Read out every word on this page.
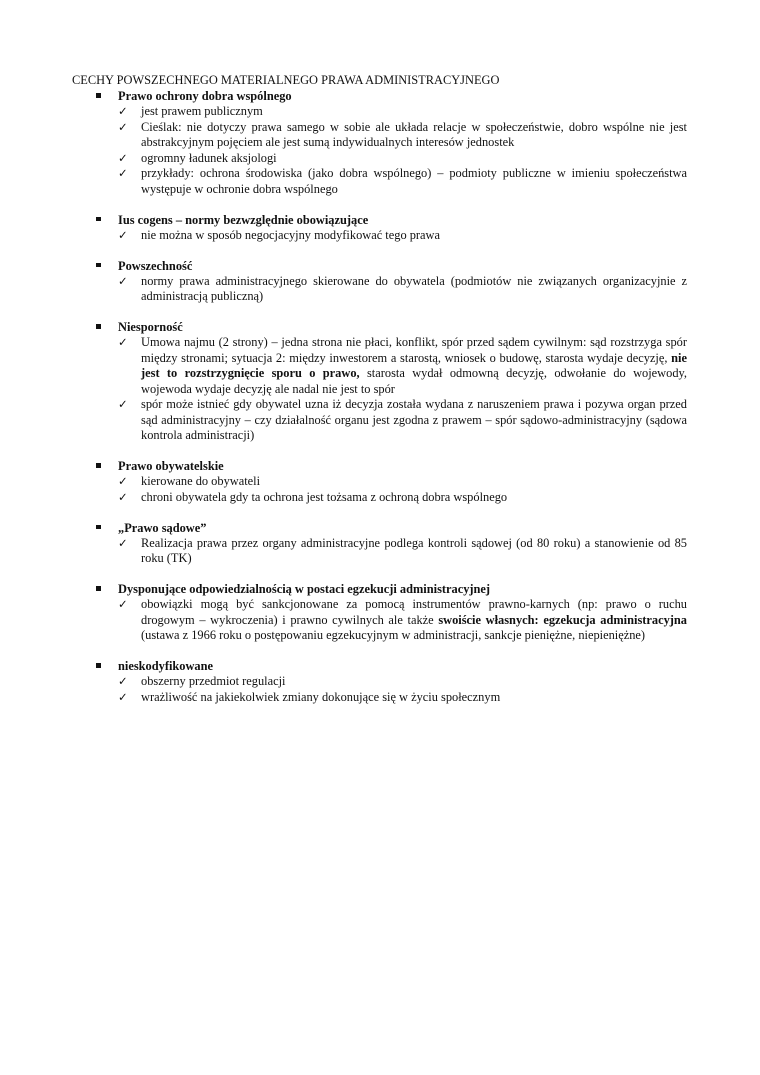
CECHY POWSZECHNEGO MATERIALNEGO PRAWA ADMINISTRACYJNEGO
Prawo ochrony dobra wspólnego
✓ jest prawem publicznym
✓ Cieślak: nie dotyczy prawa samego w sobie ale układa relacje w społeczeństwie, dobro wspólne nie jest abstrakcyjnym pojęciem ale jest sumą indywidualnych interesów jednostek
✓ ogromny ładunek aksjologi
✓ przykłady: ochrona środowiska (jako dobra wspólnego) – podmioty publiczne w imieniu społeczeństwa występuje w ochronie dobra wspólnego
Ius cogens – normy bezwzględnie obowiązujące
✓ nie można w sposób negocjacyjny modyfikować tego prawa
Powszechność
✓ normy prawa administracyjnego skierowane do obywatela (podmiotów nie związanych organizacyjnie z administracją publiczną)
Niesporność
✓ Umowa najmu (2 strony) – jedna strona nie płaci, konflikt, spór przed sądem cywilnym: sąd rozstrzyga spór między stronami; sytuacja 2: między inwestorem a starostą, wniosek o budowę, starosta wydaje decyzję, nie jest to rozstrzygnięcie sporu o prawo, starosta wydał odmowną decyzję, odwołanie do wojewody, wojewoda wydaje decyzję ale nadal nie jest to spór
✓ spór może istnieć gdy obywatel uzna iż decyzja została wydana z naruszeniem prawa i pozywa organ przed sąd administracyjny – czy działalność organu jest zgodna z prawem – spór sądowo-administracyjny (sądowa kontrola administracji)
Prawo obywatelskie
✓ kierowane do obywateli
✓ chroni obywatela gdy ta ochrona jest tożsama z ochroną dobra wspólnego
„Prawo sądowe”
✓ Realizacja prawa przez organy administracyjne podlega kontroli sądowej (od 80 roku) a stanowienie od 85 roku (TK)
Dysponujące odpowiedzialnością w postaci egzekucji administracyjnej
✓ obowiązki mogą być sankcjonowane za pomocą instrumentów prawno-karnych (np: prawo o ruchu drogowym – wykroczenia) i prawno cywilnych ale także swoiście własnych: egzekucja administracyjna (ustawa z 1966 roku o postępowaniu egzekucyjnym w administracji, sankcje pieniężne, niepieniężne)
nieskodyfikowane
✓ obszerny przedmiot regulacji
✓ wrażliwość na jakiekolwiek zmiany dokonujące się w życiu społecznym
